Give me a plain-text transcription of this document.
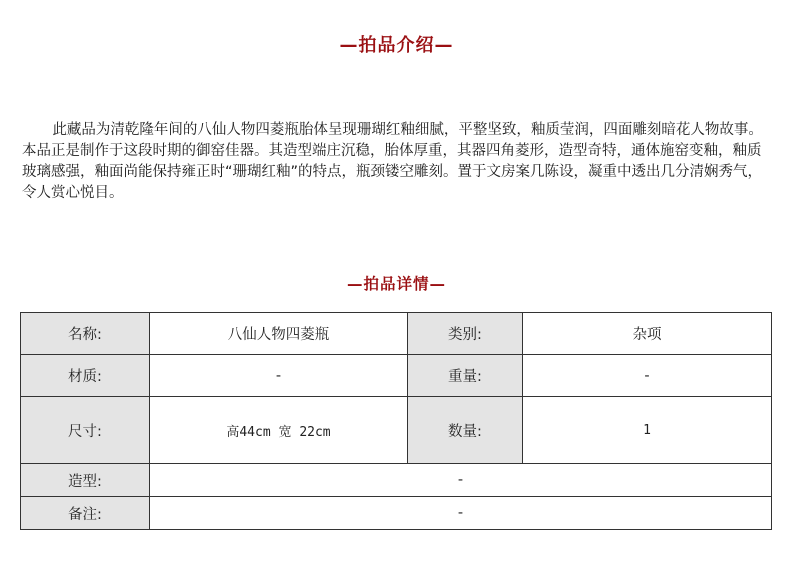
—拍品介绍—

此藏品为清乾隆年间的八仙人物四菱瓶胎体呈现珊瑚红釉细腻，平整坚致，釉质莹润，四面雕刻暗花人物故事。本品正是制作于这段时期的御窑佳器。其造型端庄沉稳，胎体厚重，其器四角菱形，造型奇特，通体施窑变釉，釉质玻璃感强，釉面尚能保持雍正时“珊瑚红釉”的特点，瓶颈镂空雕刻。置于文房案几陈设，凝重中透出几分清娴秀气，令人赏心悦目。

—拍品详情—
名称:	八仙人物四菱瓶	类别:	杂项
材质:	-	重量:	-
尺寸:	高44cm 宽 22cm	数量:	1
造型:	-		
备注:	-		
